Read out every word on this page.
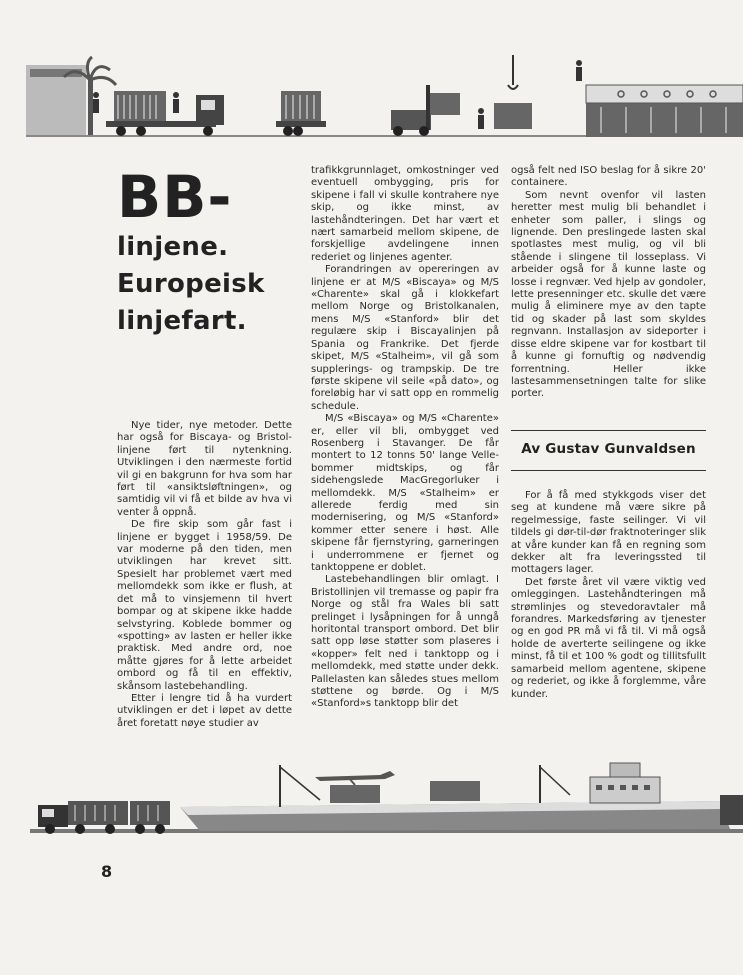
BB-
linjene.
Europeisk
linjefart.

Nye tider, nye metoder. Dette har også for Biscaya- og Bristol-linjene ført til nytenkning. Utviklingen i den nærmeste fortid vil gi en bakgrunn for hva som har ført til «ansiktsløftningen», og samtidig vil vi få et bilde av hva vi venter å oppnå.

De fire skip som går fast i linjene er bygget i 1958/59. De var moderne på den tiden, men utviklingen har krevet sitt. Spesielt har problemet vært med mellomdekk som ikke er flush, at det må to vinsjemenn til hvert bompar og at skipene ikke hadde selvstyring. Koblede bommer og «spotting» av lasten er heller ikke praktisk. Med andre ord, noe måtte gjøres for å lette arbeidet ombord og få til en effektiv, skånsom lastebehandling.

Etter i lengre tid å ha vurdert utviklingen er det i løpet av dette året foretatt nøye studier av

trafikkgrunnlaget, omkostninger ved eventuell ombygging, pris for skipene i fall vi skulle kontrahere nye skip, og ikke minst, av lastehåndteringen. Det har vært et nært samarbeid mellom skipene, de forskjellige avdelingene innen rederiet og linjenes agenter.

Forandringen av opereringen av linjene er at M/S «Biscaya» og M/S «Charente» skal gå i klokkefart mellom Norge og Bristolkanalen, mens M/S «Stanford» blir det regulære skip i Biscayalinjen på Spania og Frankrike. Det fjerde skipet, M/S «Stalheim», vil gå som supplerings- og trampskip. De tre første skipene vil seile «på dato», og foreløbig har vi satt opp en rommelig schedule.

M/S «Biscaya» og M/S «Charente» er, eller vil bli, ombygget ved Rosenberg i Stavanger. De får montert to 12 tonns 50' lange Velle-bommer midtskips, og får sidehengslede MacGregorluker i mellomdekk. M/S «Stalheim» er allerede ferdig med sin modernisering, og M/S «Stanford» kommer etter senere i høst. Alle skipene får fjernstyring, garneringen i underrommene er fjernet og tanktoppene er doblet.

Lastebehandlingen blir omlagt. I Bristollinjen vil tremasse og papir fra Norge og stål fra Wales bli satt prelinget i lysåpningen for å unngå horitontal transport ombord. Det blir satt opp løse støtter som plaseres i «kopper» felt ned i tanktopp og i mellomdekk, med støtte under dekk. Pallelasten kan således stues mellom støttene og børde. Og i M/S «Stanford»s tanktopp blir det

også felt ned ISO beslag for å sikre 20' containere.

Som nevnt ovenfor vil lasten heretter mest mulig bli behandlet i enheter som paller, i slings og lignende. Den preslingede lasten skal spotlastes mest mulig, og vil bli stående i slingene til losseplass. Vi arbeider også for å kunne laste og losse i regnvær. Ved hjelp av gondoler, lette presenninger etc. skulle det være mulig å eliminere mye av den tapte tid og skader på last som skyldes regnvann. Installasjon av sideporter i disse eldre skipene var for kostbart til å kunne gi fornuftig og nødvendig forrentning. Heller ikke lastesammensetningen talte for slike porter.

Av Gustav Gunvaldsen

For å få med stykkgods viser det seg at kundene må være sikre på regelmessige, faste seilinger. Vi vil tildels gi dør-til-dør fraktnoteringer slik at våre kunder kan få en regning som dekker alt fra leveringssted til mottagers lager.

Det første året vil være viktig ved omleggingen. Lastehåndteringen må strømlinjes og stevedoravtaler må forandres. Markedsføring av tjenester og en god PR må vi få til. Vi må også holde de averterte seilingene og ikke minst, få til et 100 % godt og tillitsfullt samarbeid mellom agentene, skipene og rederiet, og ikke å forglemme, våre kunder.

8
